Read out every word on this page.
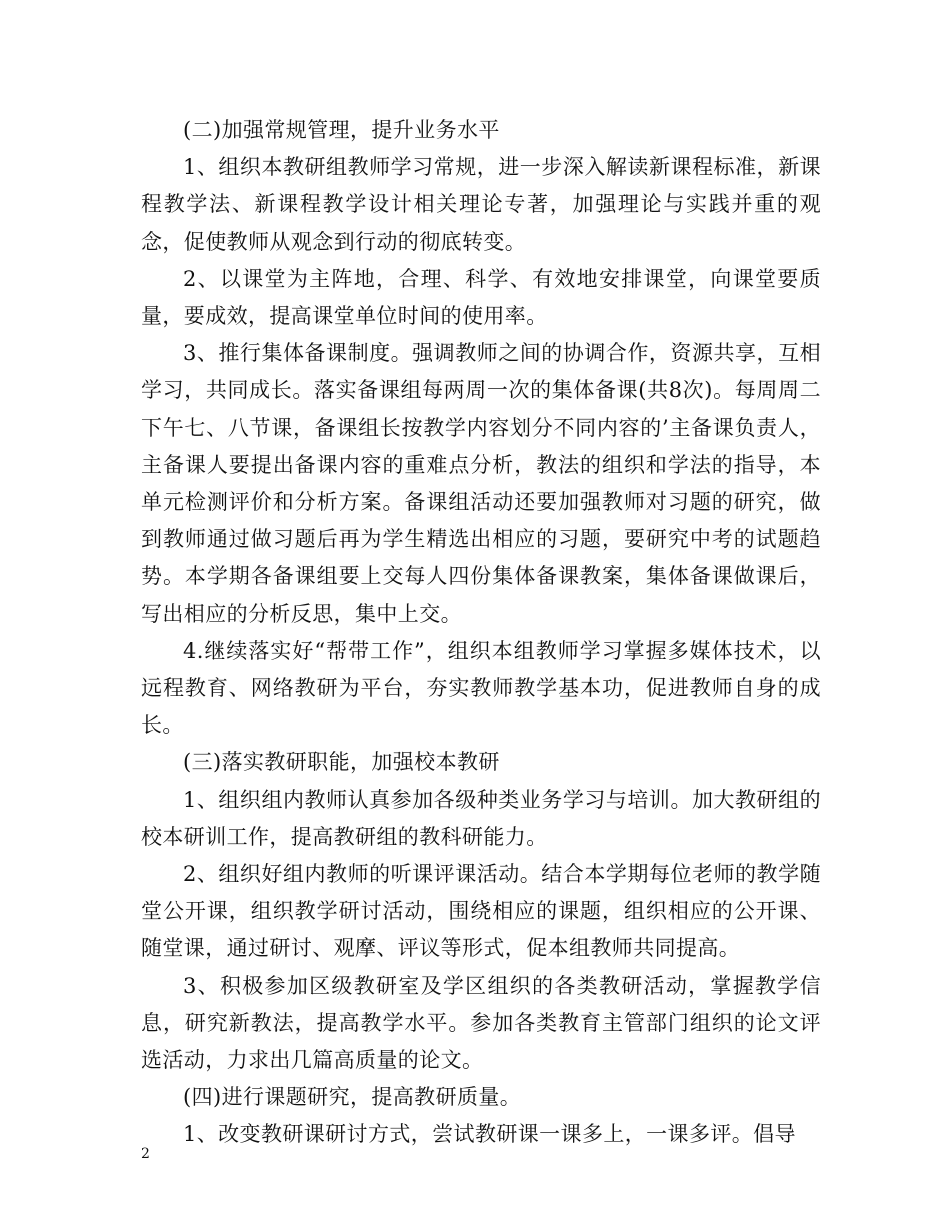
(二)加强常规管理，提升业务水平

1、组织本教研组教师学习常规，进一步深入解读新课程标准，新课程教学法、新课程教学设计相关理论专著，加强理论与实践并重的观念，促使教师从观念到行动的彻底转变。

2、以课堂为主阵地，合理、科学、有效地安排课堂，向课堂要质量，要成效，提高课堂单位时间的使用率。

3、推行集体备课制度。强调教师之间的协调合作，资源共享，互相学习，共同成长。落实备课组每两周一次的集体备课(共8次)。每周周二下午七、八节课，备课组长按教学内容划分不同内容的’主备课负责人，主备课人要提出备课内容的重难点分析，教法的组织和学法的指导，本单元检测评价和分析方案。备课组活动还要加强教师对习题的研究，做到教师通过做习题后再为学生精选出相应的习题，要研究中考的试题趋势。本学期各备课组要上交每人四份集体备课教案，集体备课做课后，写出相应的分析反思，集中上交。

4.继续落实好“帮带工作”，组织本组教师学习掌握多媒体技术，以远程教育、网络教研为平台，夯实教师教学基本功，促进教师自身的成长。

(三)落实教研职能，加强校本教研

1、组织组内教师认真参加各级种类业务学习与培训。加大教研组的校本研训工作，提高教研组的教科研能力。

2、组织好组内教师的听课评课活动。结合本学期每位老师的教学随堂公开课，组织教学研讨活动，围绕相应的课题，组织相应的公开课、随堂课，通过研讨、观摩、评议等形式，促本组教师共同提高。

3、积极参加区级教研室及学区组织的各类教研活动，掌握教学信息，研究新教法，提高教学水平。参加各类教育主管部门组织的论文评选活动，力求出几篇高质量的论文。

(四)进行课题研究，提高教研质量。

1、改变教研课研讨方式，尝试教研课一课多上，一课多评。倡导

2
